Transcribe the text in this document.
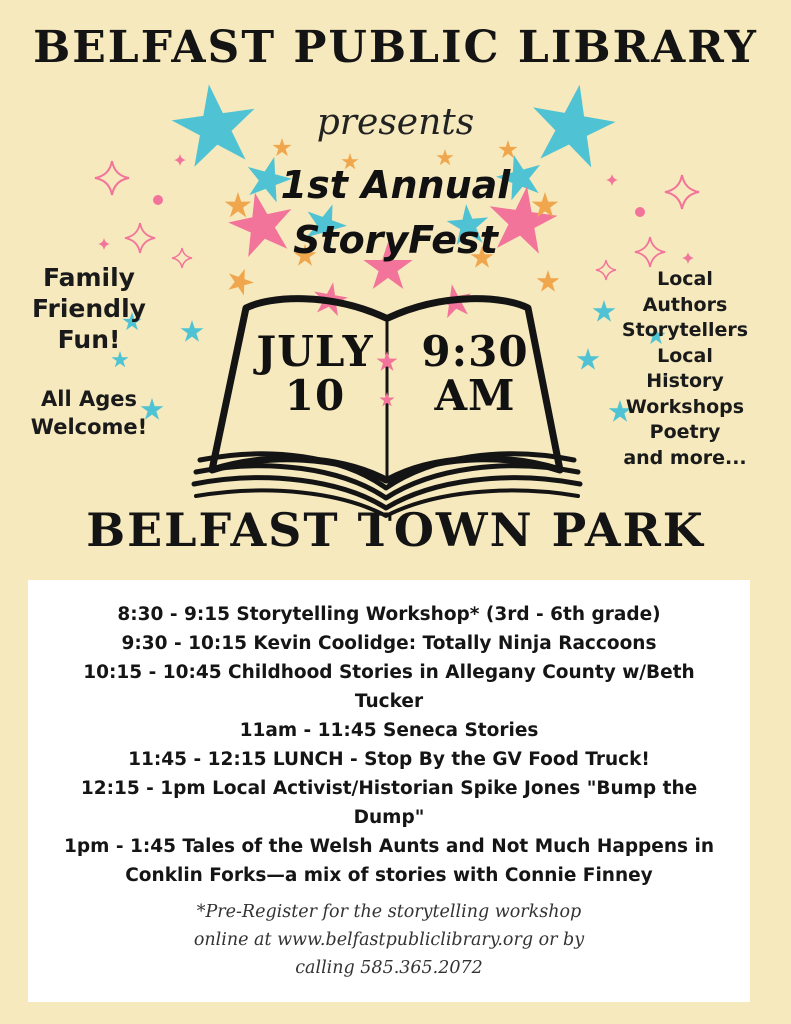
BELFAST PUBLIC LIBRARY
presents
1st Annual
StoryFest
JULY
10
9:30
AM
Family
Friendly
Fun!
All Ages
Welcome!
Local
Authors
Storytellers
Local
History
Workshops
Poetry
and more...
BELFAST TOWN PARK
8:30 - 9:15 Storytelling Workshop* (3rd - 6th grade)
9:30 - 10:15 Kevin Coolidge: Totally Ninja Raccoons
10:15 - 10:45 Childhood Stories in Allegany County w/Beth Tucker
11am - 11:45 Seneca Stories
11:45 - 12:15 LUNCH - Stop By the GV Food Truck!
12:15 - 1pm Local Activist/Historian Spike Jones "Bump the Dump"
1pm - 1:45 Tales of the Welsh Aunts and Not Much Happens in Conklin Forks—a mix of stories with Connie Finney
*Pre-Register for the storytelling workshop
online at www.belfastpubliclibrary.org or by
calling 585.365.2072
